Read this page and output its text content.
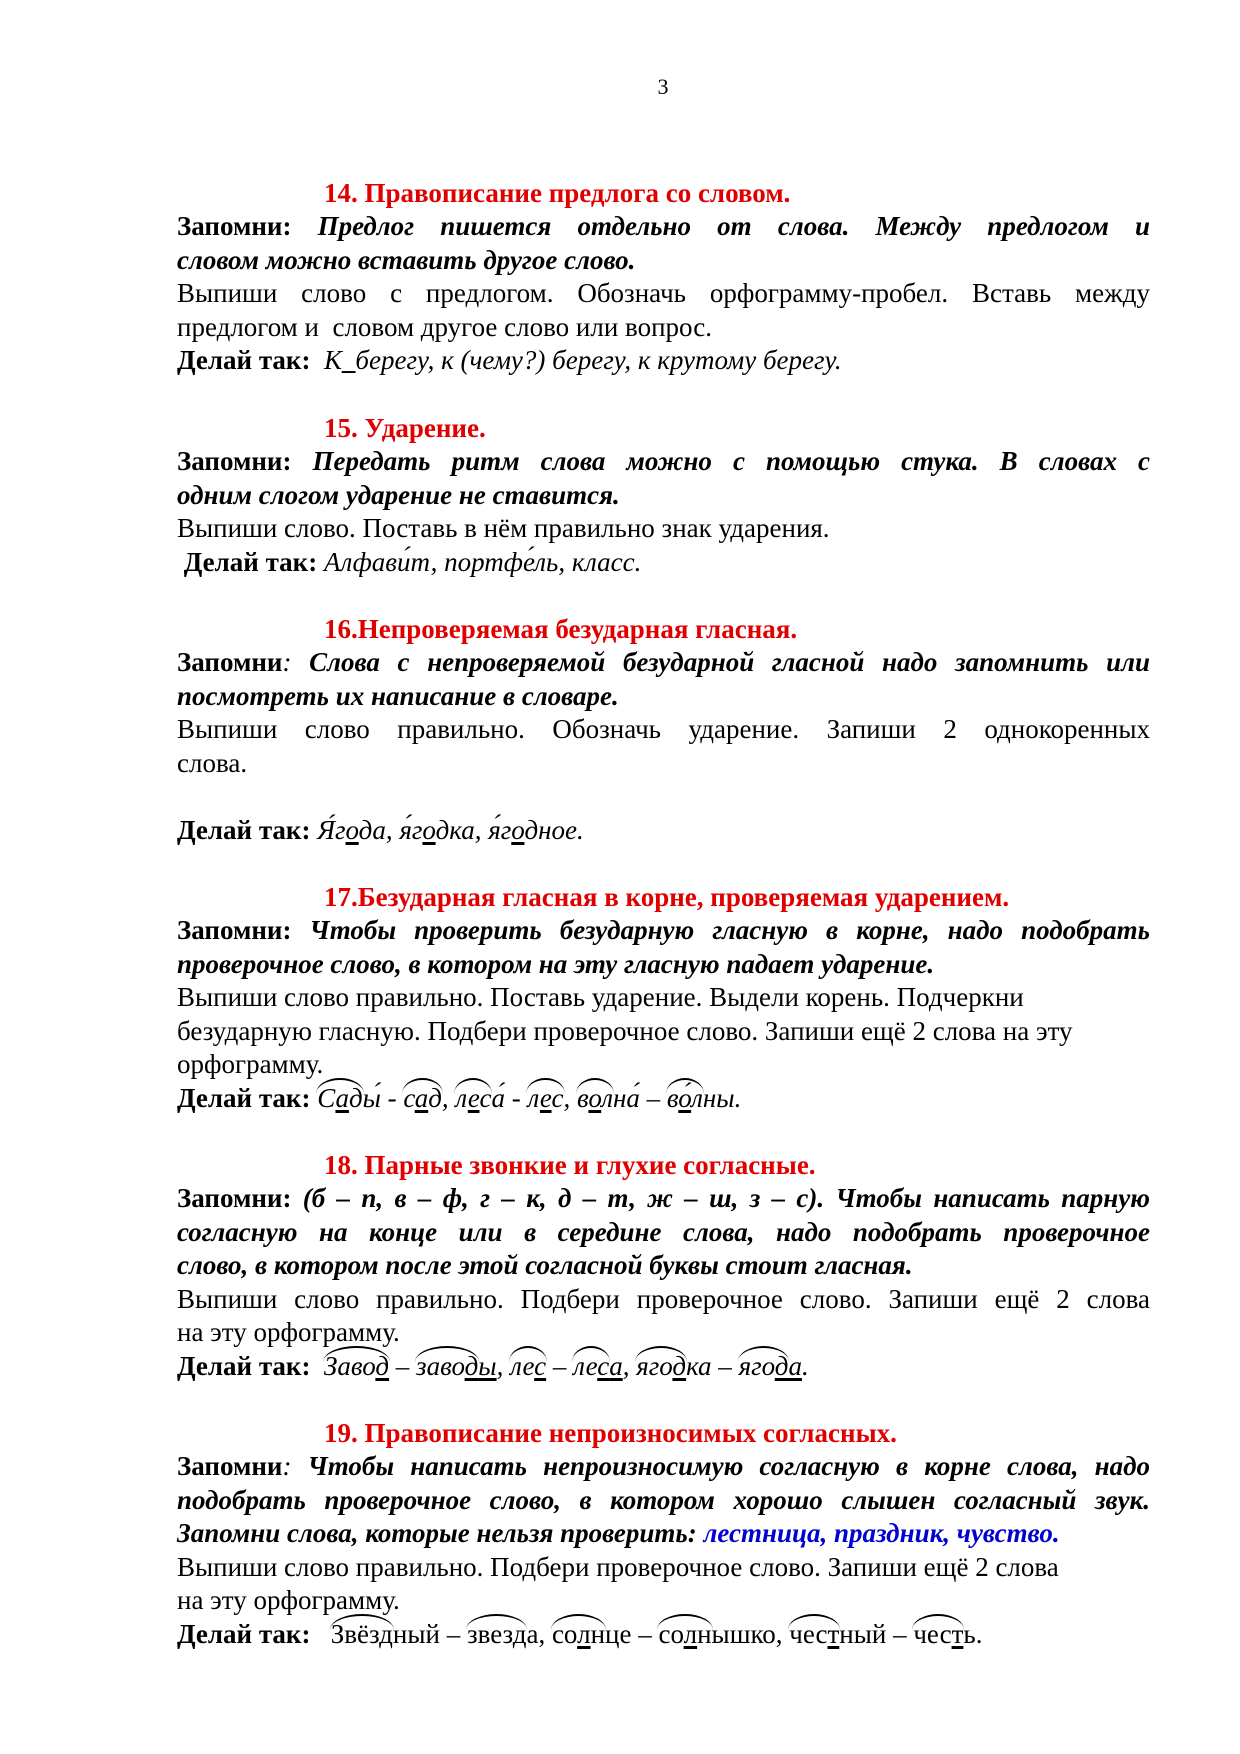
3
14. Правописание предлога со словом.
Запомни: Предлог пишется отдельно от слова. Между предлогом и
словом можно вставить другое слово.
Выпиши слово с предлогом. Обозначь орфограмму-пробел. Вставь между
предлогом и  словом другое слово или вопрос.
Делай так:  К_берегу, к (чему?) берегу, к крутому берегу.
15. Ударение.
Запомни: Передать ритм слова можно с помощью стука. В словах с
одним слогом ударение не ставится.
Выпиши слово. Поставь в нём правильно знак ударения.
Делай так: Алфави́т, портфе́ль, класс.
16.Непроверяемая безударная гласная.
Запомни: Слова с непроверяемой безударной гласной надо запомнить или
посмотреть их написание в словаре.
Выпиши слово правильно. Обозначь ударение. Запиши 2 однокоренных
слова.
Делай так: Я́года, я́годка, я́годное.
17.Безударная гласная в корне, проверяемая ударением.
Запомни: Чтобы проверить безударную гласную в корне, надо подобрать
проверочное слово, в котором на эту гласную падает ударение.
Выпиши слово правильно. Поставь ударение. Выдели корень. Подчеркни
безударную гласную. Подбери проверочное слово. Запиши ещё 2 слова на эту
орфограмму.
Делай так: Сады́ - сад, леса́ - лес, волна́ – во́лны.
18. Парные звонкие и глухие согласные.
Запомни: (б – п, в – ф, г – к, д – т, ж – ш, з – с). Чтобы написать парную
согласную на конце или в середине слова, надо подобрать проверочное
слово, в котором после этой согласной буквы стоит гласная.
Выпиши слово правильно. Подбери проверочное слово. Запиши ещё 2 слова
на эту орфограмму.
Делай так:  Завод – заводы, лес – леса, ягодка – ягода.
19. Правописание непроизносимых согласных.
Запомни: Чтобы написать непроизносимую согласную в корне слова, надо
подобрать проверочное слово, в котором хорошо слышен согласный звук.
Запомни слова, которые нельзя проверить: лестница, праздник, чувство.
Выпиши слово правильно. Подбери проверочное слово. Запиши ещё 2 слова
на эту орфограмму.
Делай так:   Звёздный – звезда, солнце – солнышко, честный – честь.
